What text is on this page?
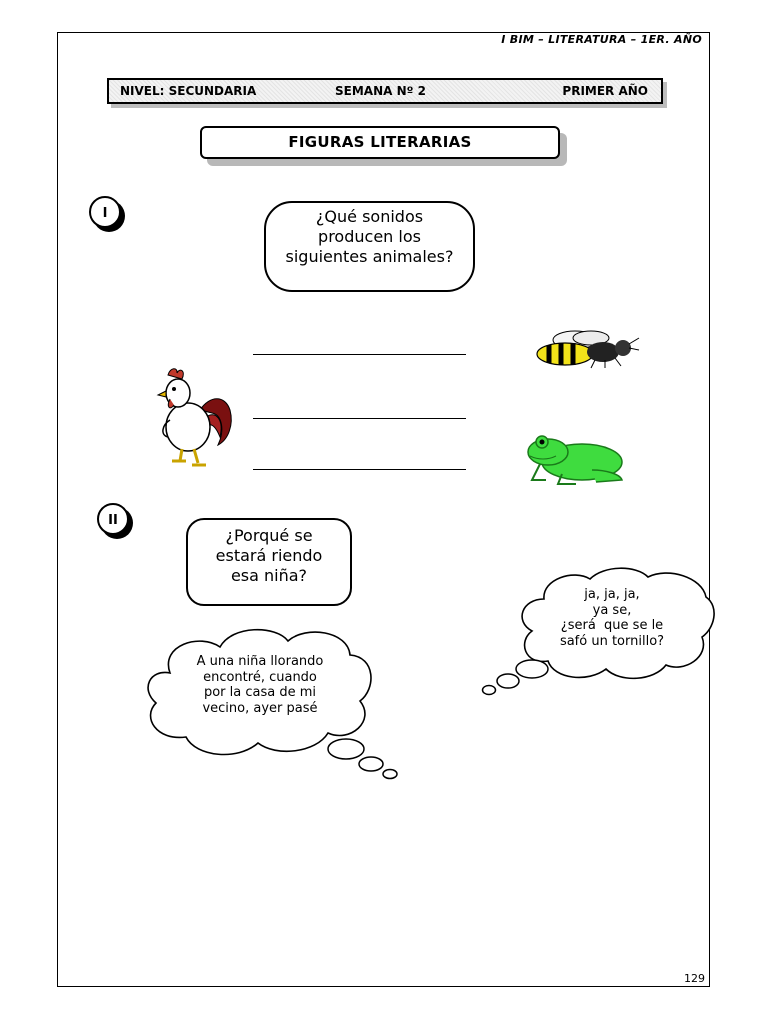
I BIM – LITERATURA – 1ER. AÑO
NIVEL: SECUNDARIA	SEMANA Nº 2	PRIMER AÑO
FIGURAS LITERARIAS
I	¿Qué sonidos producen los siguientes animales?
II
¿Porqué se estará riendo esa niña?
A una niña llorando
encontré, cuando
por la casa de mi
vecino, ayer pasé
ja, ja, ja,
ya se,
¿será  que se le
safó un tornillo?
129
